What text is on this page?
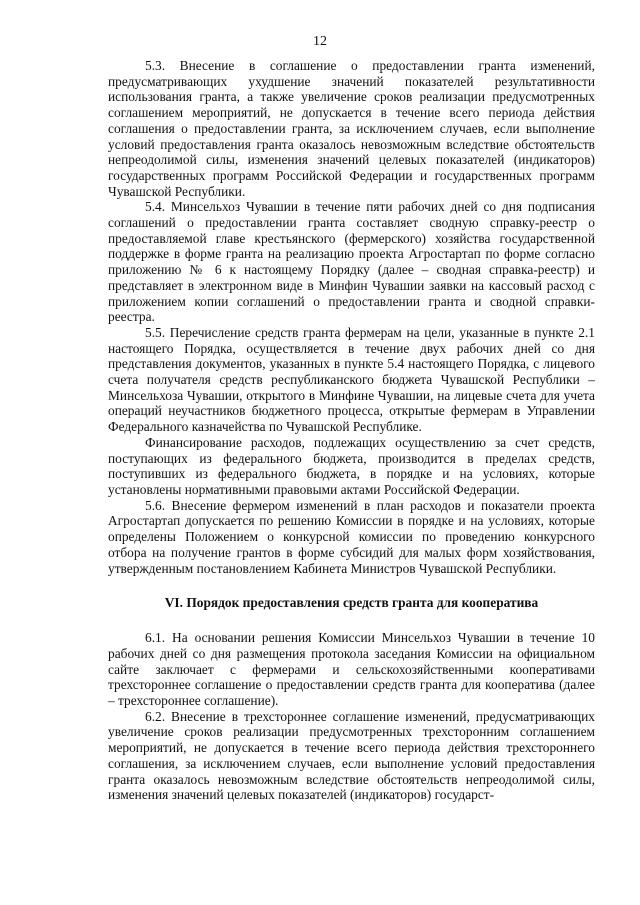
12

5.3. Внесение в соглашение о предоставлении гранта изменений, предусматривающих ухудшение значений показателей результативности использования гранта, а также увеличение сроков реализации предусмотренных соглашением мероприятий, не допускается в течение всего периода действия соглашения о предоставлении гранта, за исключением случаев, если выполнение условий предоставления гранта оказалось невозможным вследствие обстоятельств непреодолимой силы, изменения значений целевых показателей (индикаторов) государственных программ Российской Федерации и государственных программ Чувашской Республики.

5.4. Минсельхоз Чувашии в течение пяти рабочих дней со дня подписания соглашений о предоставлении гранта составляет сводную справку-реестр о предоставляемой главе крестьянского (фермерского) хозяйства государственной поддержке в форме гранта на реализацию проекта Агростартап по форме согласно приложению № 6 к настоящему Порядку (далее – сводная справка-реестр) и представляет в электронном виде в Минфин Чувашии заявки на кассовый расход с приложением копии соглашений о предоставлении гранта и сводной справки-реестра.

5.5. Перечисление средств гранта фермерам на цели, указанные в пункте 2.1 настоящего Порядка, осуществляется в течение двух рабочих дней со дня представления документов, указанных в пункте 5.4 настоящего Порядка, с лицевого счета получателя средств республиканского бюджета Чувашской Республики – Минсельхоза Чувашии, открытого в Минфине Чувашии, на лицевые счета для учета операций неучастников бюджетного процесса, открытые фермерам в Управлении Федерального казначейства по Чувашской Республике.

Финансирование расходов, подлежащих осуществлению за счет средств, поступающих из федерального бюджета, производится в пределах средств, поступивших из федерального бюджета, в порядке и на условиях, которые установлены нормативными правовыми актами Российской Федерации.

5.6. Внесение фермером изменений в план расходов и показатели проекта Агростартап допускается по решению Комиссии в порядке и на условиях, которые определены Положением о конкурсной комиссии по проведению конкурсного отбора на получение грантов в форме субсидий для малых форм хозяйствования, утвержденным постановлением Кабинета Министров Чувашской Республики.

VI. Порядок предоставления средств гранта для кооператива

6.1. На основании решения Комиссии Минсельхоз Чувашии в течение 10 рабочих дней со дня размещения протокола заседания Комиссии на официальном сайте заключает с фермерами и сельскохозяйственными кооперативами трехстороннее соглашение о предоставлении средств гранта для кооператива (далее – трехстороннее соглашение).

6.2. Внесение в трехстороннее соглашение изменений, предусматривающих увеличение сроков реализации предусмотренных трехсторонним соглашением мероприятий, не допускается в течение всего периода действия трехстороннего соглашения, за исключением случаев, если выполнение условий предоставления гранта оказалось невозможным вследствие обстоятельств непреодолимой силы, изменения значений целевых показателей (индикаторов) государст-
